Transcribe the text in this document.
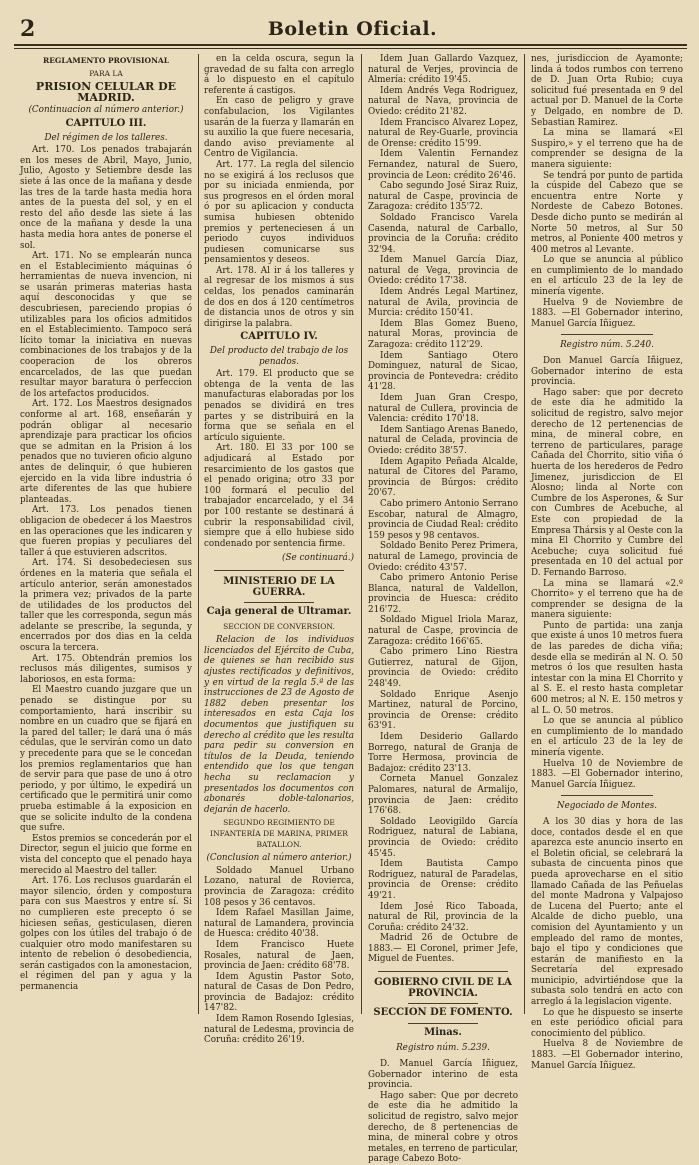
2	Boletin Oficial.

REGLAMENTO PROVISIONAL

PARA LA

PRISION CELULAR DE MADRID.

(Continuacion al número anterior.)

CAPITULO III.

Del régimen de los talleres.

Art. 170. Los penados trabajarán en los meses de Abril, Mayo, Junio, Julio, Agosto y Setiembre desde las siete á las once de la mañana y desde las tres de la tarde hasta media hora antes de la puesta del sol, y en el resto del año desde las siete á las once de la mañana y desde la una hasta media hora antes de ponerse el sol.

Art. 171. No se emplearán nunca en el Establecimiento máquinas ó herramientas de nueva invencion, ni se usarán primeras materias hasta aquí desconocidas y que se descubriesen, pareciendo propias ó utilizables para los oficios admitidos en el Establecimiento. Tampoco será lícito tomar la iniciativa en nuevas combinaciones de los trabajos y de la cooperacion de los obreros encarcelados, de las que puedan resultar mayor baratura ó perfeccion de los artefactos producidos.

Art. 172. Los Maestros designados conforme al art. 168, enseñarán y podrán obligar al necesario aprendizaje para practicar los oficios que se admitan en la Prision á los penados que no tuvieren oficio alguno antes de delinquir, ó que hubieren ejercido en la vida libre industria ó arte diferentes de las que hubiere planteadas.

Art. 173. Los penados tienen obligacion de obedecer á los Maestros en las operaciones que les indicaren y que fueren propias y peculiares del taller á que estuvieren adscritos.

Art. 174. Si desobedeciesen sus órdenes en la materia que señala el artículo anterior, serán amonestados la primera vez; privados de la parte de utilidades de los productos del taller que les corresponda, segun más adelante se prescribe, la segunda, y encerrados por dos dias en la celda oscura la tercera.

Art. 175. Obtendrán premios los reclusos más diligentes, sumisos y laboriosos, en esta forma:

El Maestro cuando juzgare que un penado se distingue por su comportamiento, hará inscribir su nombre en un cuadro que se fijará en la pared del taller; le dará una ó más cédulas, que le servirán como un dato y precedente para que se le concedan los premios reglamentarios que han de servir para que pase de uno á otro periodo, y por último, le expedirá un certificado que le permitirá unir como prueba estimable á la exposicion en que se solicite indulto de la condena que sufre.

Estos premios se concederán por el Director, segun el juicio que forme en vista del concepto que el penado haya merecido al Maestro del taller.

Art. 176. Los reclusos guardarán el mayor silencio, órden y compostura para con sus Maestros y entre sí. Si no cumplieren este precepto ó se hiciesen señas, gesticulasen, dieren golpes con los útiles del trabajo ó de cualquier otro modo manifestaren su intento de rebelion ó desobediencia, serán castigados con la amonestacion, el régimen del pan y agua y la permanencia

en la celda oscura, segun la gravedad de su falta con arreglo á lo dispuesto en el capítulo referente á castigos.

En caso de peligro y grave confabulacion, los Vigilantes usarán de la fuerza y llamarán en su auxilio la que fuere necesaria, dando aviso previamente al Centro de Vigilancia.

Art. 177. La regla del silencio no se exigirá á los reclusos que por su iniciada enmienda, por sus progresos en el órden moral ó por su aplicacion y conducta sumisa hubiesen obtenido premios y perteneciesen á un periodo cuyos individuos pudiesen comunicarse sus pensamientos y deseos.

Art. 178. Al ir á los talleres y al regresar de los mismos á sus celdas, los penados caminarán de dos en dos á 120 centímetros de distancia unos de otros y sin dirigirse la palabra.

CAPITULO IV.

Del producto del trabajo de los penados.

Art. 179. El producto que se obtenga de la venta de las manufacturas elaboradas por los penados se dividirá en tres partes y se distribuirá en la forma que se señala en el artículo siguiente.

Art. 180. El 33 por 100 se adjudicará al Estado por resarcimiento de los gastos que el penado origina; otro 33 por 100 formará el peculio del trabajador encarcelado, y el 34 por 100 restante se destinará á cubrir la responsabilidad civil, siempre que á ello hubiese sido condenado por sentencia firme.

(Se continuará.)

MINISTERIO DE LA GUERRA.

Caja general de Ultramar.

SECCION DE CONVERSION.

Relacion de los individuos licenciados del Ejército de Cuba, de quienes se han recibido sus ajustes rectificados y definitivos, y en virtud de la regla 5.ª de las instrucciones de 23 de Agosto de 1882 deben presentar los interesados en esta Caja los documentos que justifiquen su derecho al crédito que les resulta para pedir su conversion en títulos de la Deuda, teniendo entendido que los que tengan hecha su reclamacion y presentados los documentos con abonarés doble-talonarios, dejarán de hacerlo.

SEGUNDO REGIMIENTO DE INFANTERÍA DE MARINA, PRIMER BATALLON.

(Conclusion al número anterior.)

Soldado Manuel Urbano Lozano, natural de Rovierca, provincia de Zaragoza: crédito 108 pesos y 36 centavos.

Idem Rafael Masillan Jaime, natural de Lamandera, provincia de Huesca: crédito 40'38.

Idem Francisco Huete Rosales, natural de Jaen, provincia de Jaen: crédito 68'78.

Idem Agustin Pastor Soto, natural de Casas de Don Pedro, provincia de Badajoz: crédito 147'82.

Idem Ramon Rosendo Iglesias, natural de Ledesma, provincia de Coruña: crédito 26'19.

Idem Juan Gallardo Vazquez, natural de Verjes, provincia de Almería: crédito 19'45.

Idem Andrés Vega Rodriguez, natural de Nava, provincia de Oviedo: crédito 21'82.

Idem Francisco Alvarez Lopez, natural de Rey-Guarle, provincia de Orense: crédito 15'99.

Idem Valentin Fernandez Fernandez, natural de Suero, provincia de Leon: crédito 26'46.

Cabo segundo José Siraz Ruiz, natural de Caspe, provincia de Zaragoza: crédito 135'72.

Soldado Francisco Varela Casenda, natural de Carballo, provincia de la Coruña: crédito 32'94.

Idem Manuel García Diaz, natural de Vega, provincia de Oviedo: crédito 17'38.

Idem Andrés Legal Martinez, natural de Avila, provincia de Murcia: crédito 150'41.

Idem Blas Gomez Bueno, natural Moras, provincia de Zaragoza: crédito 112'29.

Idem Santiago Otero Dominguez, natural de Sicao, provincia de Pontevedra: crédito 41'28.

Idem Juan Gran Crespo, natural de Cullera, provincia de Valencia: crédito 170'18.

Idem Santiago Arenas Banedo, natural de Celada, provincia de Oviedo: crédito 38'57.

Idem Agapito Peñada Alcalde, natural de Citores del Paramo, provincia de Búrgos: crédito 20'67.

Cabo primero Antonio Serrano Escobar, natural de Almagro, provincia de Ciudad Real: crédito 159 pesos y 98 centavos.

Soldado Benito Perez Primera, natural de Lamego, provincia de Oviedo: crédito 43'57.

Cabo primero Antonio Perise Blanca, natural de Valdellon, provincia de Huesca: crédito 216'72.

Soldado Miguel Iriola Maraz, natural de Caspe, provincia de Zaragoza: crédito 166'65.

Cabo primero Lino Riestra Gutierrez, natural de Gijon, provincia de Oviedo: crédito 248'49.

Soldado Enrique Asenjo Martinez, natural de Porcino, provincia de Orense: crédito 63'91.

Idem Desiderio Gallardo Borrego, natural de Granja de Torre Hermosa, provincia de Badajoz: crédito 23'13.

Corneta Manuel Gonzalez Palomares, natural de Armalijo, provincia de Jaen: crédito 176'68.

Soldado Leovigildo García Rodriguez, natural de Labiana, provincia de Oviedo: crédito 45'45.

Idem Bautista Campo Rodriguez, natural de Paradelas, provincia de Orense: crédito 49'21.

Idem José Rico Taboada, natural de Ril, provincia de la Coruña: crédito 24'32.

Madrid 26 de Octubre de 1883.— El Coronel, primer Jefe, Miguel de Fuentes.

GOBIERNO CIVIL DE LA PROVINCIA.

SECCION DE FOMENTO.

Minas.

Registro núm. 5.239.

D. Manuel García Iñiguez, Gobernador interino de esta provincia.

Hago saber: Que por decreto de este dia he admitido la solicitud de registro, salvo mejor derecho, de 8 pertenencias de mina, de mineral cobre y otros metales, en terreno de particular, parage Cabezo Boto-

nes, jurisdiccion de Ayamonte; linda á todos rumbos con terreno de D. Juan Orta Rubio; cuya solicitud fué presentada en 9 del actual por D. Manuel de la Corte y Delgado, en nombre de D. Sebastian Ramirez.

La mina se llamará «El Suspiro,» y el terreno que ha de comprender se designa de la manera siguiente:

Se tendrá por punto de partida la cúspide del Cabezo que se encuentra entre Norte y Nordeste de Cabezo Botones. Desde dicho punto se medirán al Norte 50 metros, al Sur 50 metros, al Poniente 400 metros y 400 metros al Levante.

Lo que se anuncia al público en cumplimiento de lo mandado en el artículo 23 de la ley de minería vigente.

Huelva 9 de Noviembre de 1883. —El Gobernador interino, Manuel García Iñiguez.

Registro núm. 5.240.

Don Manuel García Iñiguez, Gobernador interino de esta provincia.

Hago saber: que por decreto de este dia he admitido la solicitud de registro, salvo mejor derecho de 12 pertenencias de mina, de mineral cobre, en terreno de particulares, parage Cañada del Chorrito, sitio viña ó huerta de los herederos de Pedro Jimenez, jurisdiccion de El Alosno; linda al Norte con Cumbre de los Asperones, & Sur con Cumbres de Acebuche, al Este con propiedad de la Empresa Thársis y al Oeste con la mina El Chorrito y Cumbre del Acebuche; cuya solicitud fué presentada en 10 del actual por D. Fernando Barroso.

La mina se llamará «2.º Chorrito» y el terreno que ha de comprender se designa de la manera siguiente:

Punto de partida: una zanja que existe á unos 10 metros fuera de las paredes de dicha viña; desde ella se medirán al N. O. 50 metros ó los que resulten hasta intestar con la mina El Chorrito y al S. E. el resto hasta completar 600 metros; al N. E. 150 metros y al L. O. 50 metros.

Lo que se anuncia al público en cumplimiento de lo mandado en el artículo 23 de la ley de minería vigente.

Huelva 10 de Noviembre de 1883. —El Gobernador interino, Manuel García Iñiguez.

Negociado de Montes.

A los 30 dias y hora de las doce, contados desde el en que aparezca este anuncio inserto en el Boletin oficial, se celebrará la subasta de cincuenta pinos que pueda aprovecharse en el sitio llamado Cañada de las Peñuelas del monte Madrona y Valpajoso de Lucena del Puerto; ante el Alcalde de dicho pueblo, una comision del Ayuntamiento y un empleado del ramo de montes, bajo el tipo y condiciones que estarán de manifiesto en la Secretaría del expresado municipio, advirtiéndose que la subasta solo tendrá en acto con arreglo á la legislacion vigente.

Lo que he dispuesto se inserte en este periódico oficial para conocimiento del público.

Huelva 8 de Noviembre de 1883. —El Gobernador interino, Manuel García Iñiguez.
